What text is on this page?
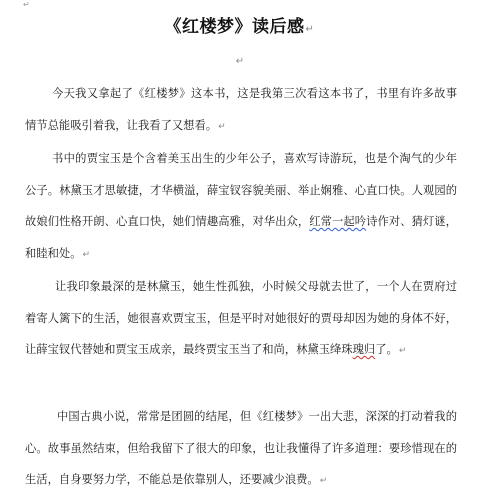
↵
《红楼梦》读后感↵
↵

今天我又拿起了《红楼梦》这本书，这是我第三次看这本书了，书里有许多故事情节总能吸引着我，让我看了又想看。↵

书中的贾宝玉是个含着美玉出生的少年公子，喜欢写诗游玩，也是个淘气的少年公子。林黛玉才思敏捷，才华横溢，薛宝钗容貌美丽、举止娴雅、心直口快。人观园的故娘们性格开朗、心直口快，她们情趣高雅，对华出众，红常一起吟诗作对、猜灯谜，和睦和处。↵

让我印象最深的是林黛玉，她生性孤独，小时候父母就去世了，一个人在贾府过着寄人篱下的生活，她很喜欢贾宝玉，但是平时对她很好的贾母却因为她的身体不好，让薛宝钗代替她和贾宝玉成亲，最终贾宝玉当了和尚，林黛玉绛珠瑰归了。↵

中国古典小说，常常是团圆的结尾，但《红楼梦》一出大悲，深深的打动着我的心。故事虽然结束，但给我留下了很大的印象，也让我懂得了许多道理：要珍惜现在的生活，自身要努力学，不能总是依靠别人，还要减少浪费。↵
